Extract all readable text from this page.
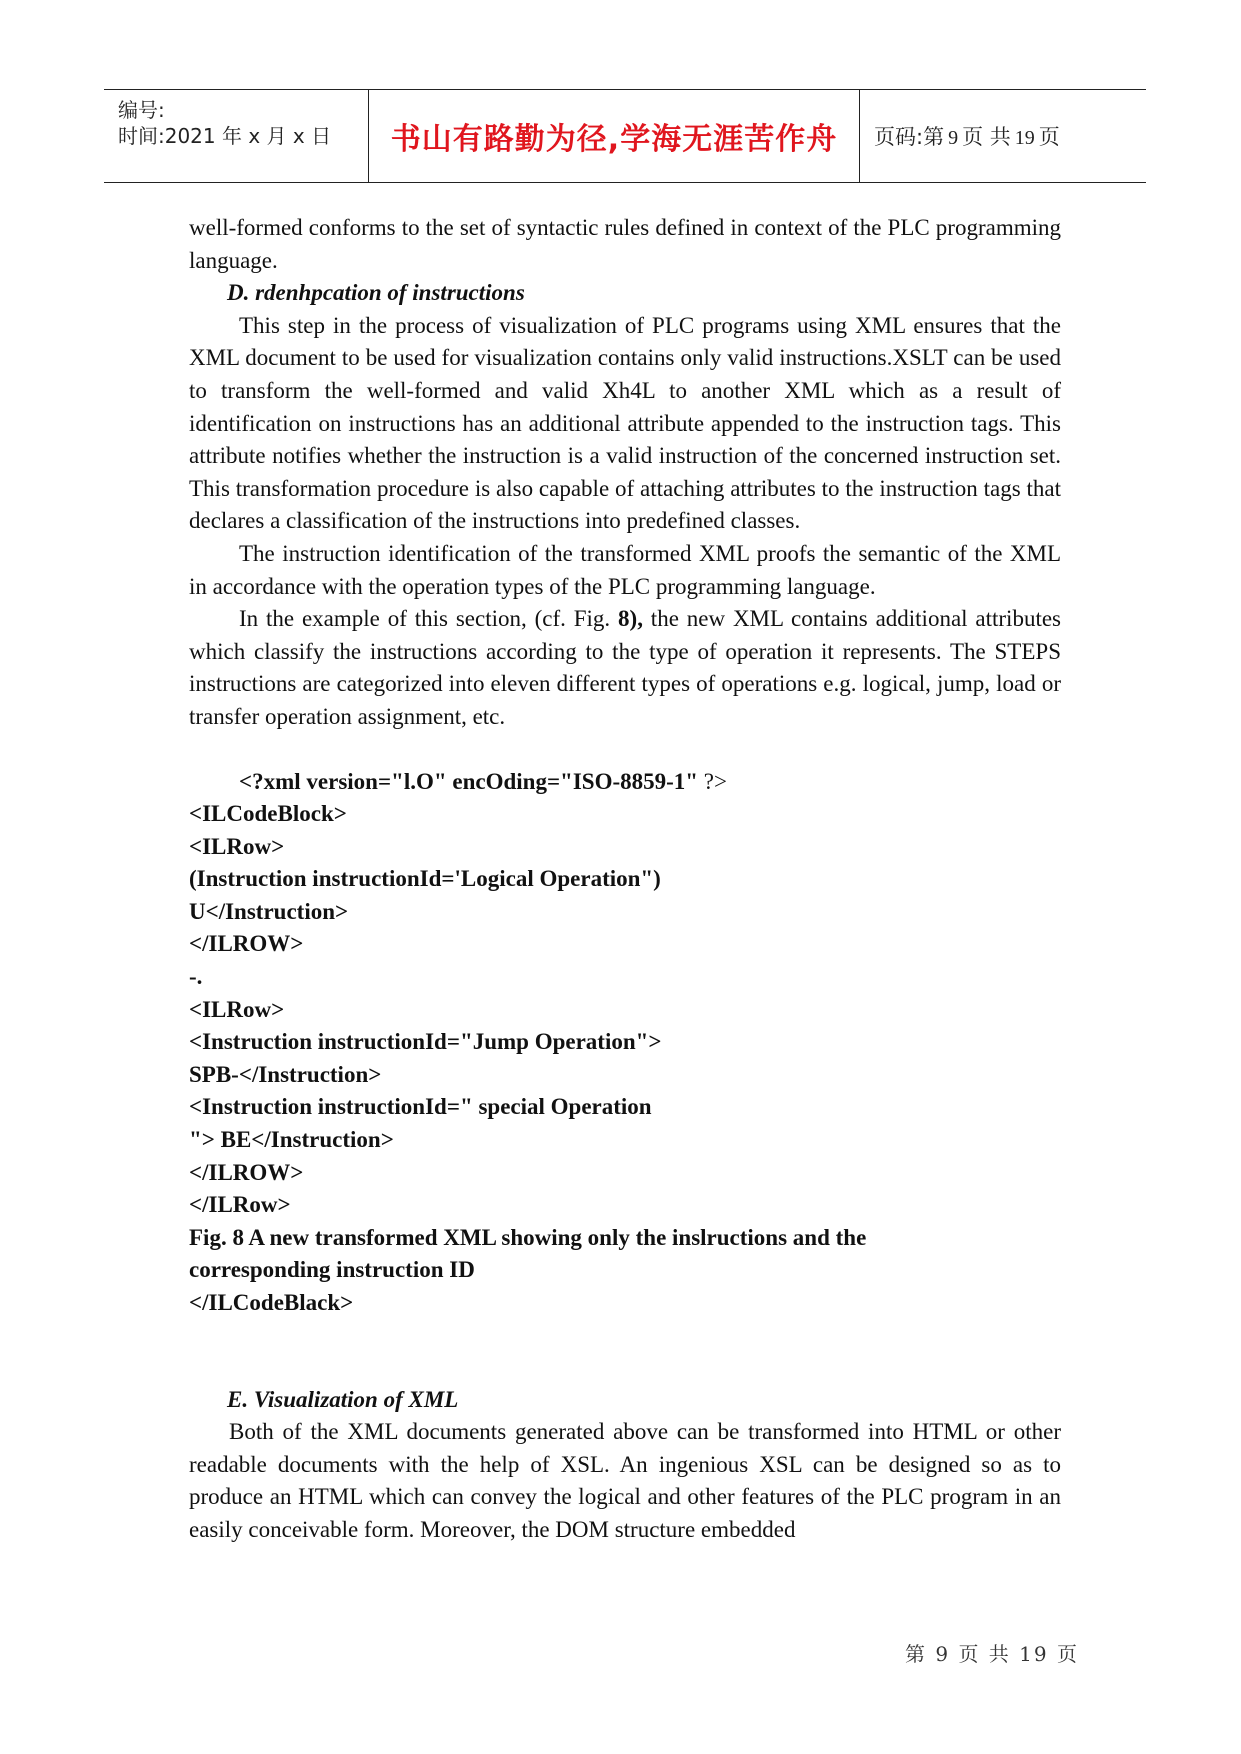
编号:
时间:2021 年 x 月 x 日 书山有路勤为径,学海无涯苦作舟 页码:第 9 页 共 19 页

well-formed conforms to the set of syntactic rules defined in context of the PLC programming language.

D. rdenhpcation of instructions

This step in the process of visualization of PLC programs using XML ensures that the XML document to be used for visualization contains only valid instructions.XSLT can be used to transform the well-formed and valid Xh4L to another XML which as a result of identification on instructions has an additional attribute appended to the instruction tags. This attribute notifies whether the instruction is a valid instruction of the concerned instruction set. This transformation procedure is also capable of attaching attributes to the instruction tags that declares a classification of the instructions into predefined classes.

The instruction identification of the transformed XML proofs the semantic of the XML in accordance with the operation types of the PLC programming language.

In the example of this section, (cf. Fig. 8), the new XML contains additional attributes which classify the instructions according to the type of operation it represents. The STEPS instructions are categorized into eleven different types of operations e.g. logical, jump, load or transfer operation assignment, etc.

<?xml version="l.O" encOding="ISO-8859-1" ?>

<ILCodeBlock>

<ILRow>

(Instruction instructionId='Logical Operation")

U</Instruction>

</ILROW>

-.

<ILRow>

<Instruction instructionId="Jump Operation">

SPB-</Instruction>

<Instruction instructionId=" special Operation

"> BE</Instruction>

</ILROW>

</ILRow>

Fig. 8 A new transformed XML showing only the inslructions and the

corresponding instruction ID

</ILCodeBlack>

E. Visualization of XML

Both of the XML documents generated above can be transformed into HTML or other readable documents with the help of XSL. An ingenious XSL can be designed so as to produce an HTML which can convey the logical and other features of the PLC program in an easily conceivable form. Moreover, the DOM structure embedded

第 9 页 共 19 页
